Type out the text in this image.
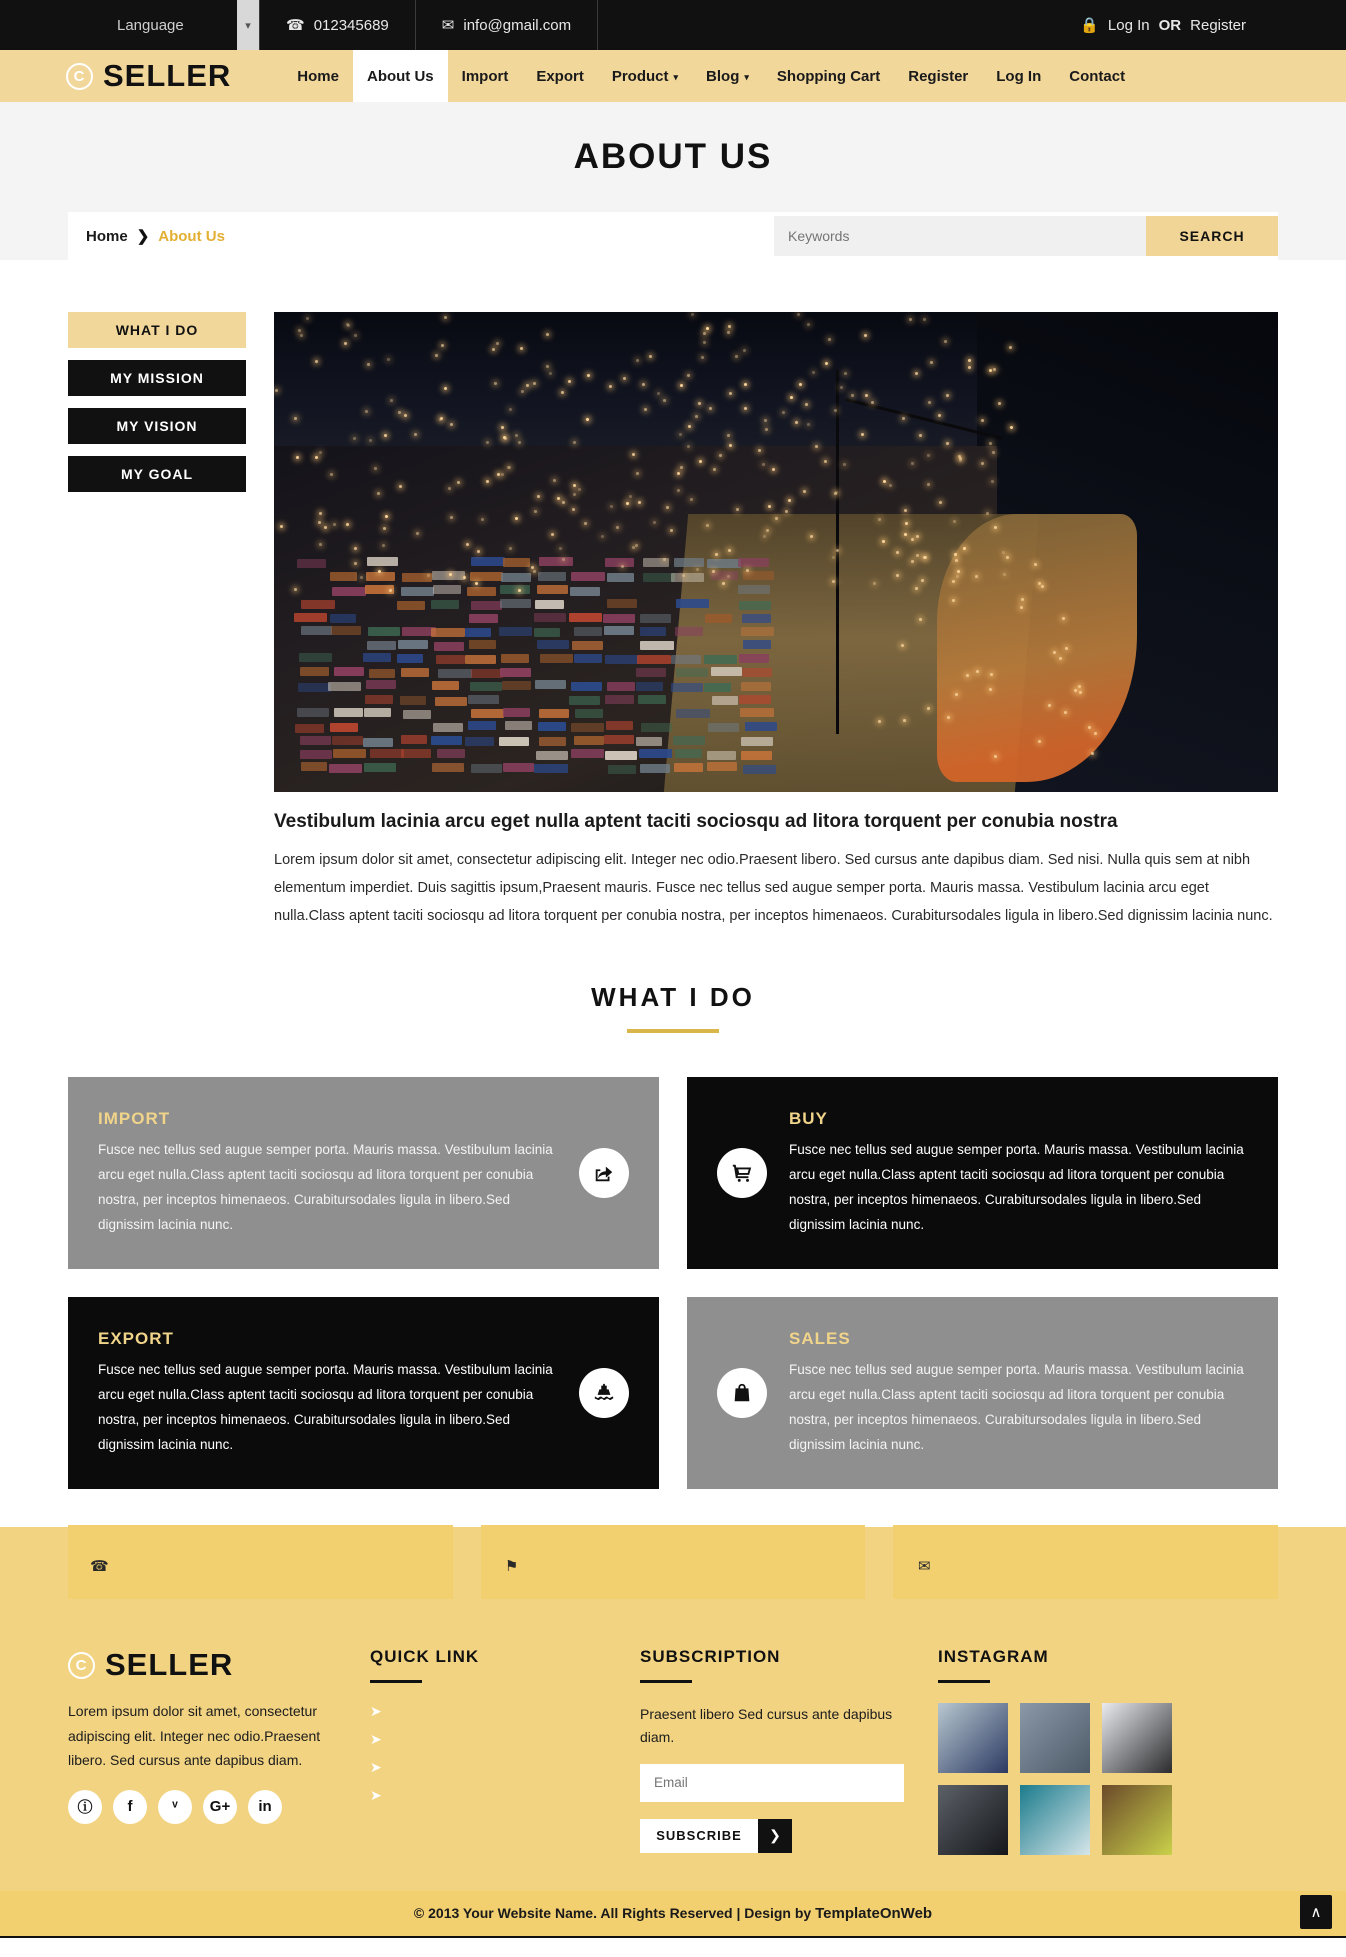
Language	▾	☎ 012345689	✉ info@gmail.com	🔒 Log In OR Register
C SELLER	Home About Us Import Export Product ▾ Blog ▾ Shopping Cart Register Log In Contact
ABOUT US
Home ❯ About Us
Keywords	SEARCH
WHAT I DO
MY MISSION
MY VISION
MY GOAL
Vestibulum lacinia arcu eget nulla aptent taciti sociosqu ad litora torquent per conubia nostra
Lorem ipsum dolor sit amet, consectetur adipiscing elit. Integer nec odio.Praesent libero. Sed cursus ante dapibus diam. Sed nisi. Nulla quis sem at nibh elementum imperdiet. Duis sagittis ipsum,Praesent mauris. Fusce nec tellus sed augue semper porta. Mauris massa. Vestibulum lacinia arcu eget nulla.Class aptent taciti sociosqu ad litora torquent per conubia nostra, per inceptos himenaeos. Curabitursodales ligula in libero.Sed dignissim lacinia nunc.
WHAT I DO
IMPORT

Fusce nec tellus sed augue semper porta. Mauris massa. Vestibulum lacinia arcu eget nulla.Class aptent taciti sociosqu ad litora torquent per conubia nostra, per inceptos himenaeos. Curabitursodales ligula in libero.Sed dignissim lacinia nunc.

BUY

Fusce nec tellus sed augue semper porta. Mauris massa. Vestibulum lacinia arcu eget nulla.Class aptent taciti sociosqu ad litora torquent per conubia nostra, per inceptos himenaeos. Curabitursodales ligula in libero.Sed dignissim lacinia nunc.

EXPORT

Fusce nec tellus sed augue semper porta. Mauris massa. Vestibulum lacinia arcu eget nulla.Class aptent taciti sociosqu ad litora torquent per conubia nostra, per inceptos himenaeos. Curabitursodales ligula in libero.Sed dignissim lacinia nunc.

SALES

Fusce nec tellus sed augue semper porta. Mauris massa. Vestibulum lacinia arcu eget nulla.Class aptent taciti sociosqu ad litora torquent per conubia nostra, per inceptos himenaeos. Curabitursodales ligula in libero.Sed dignissim lacinia nunc.

☎	⚑	✉
C SELLER
Lorem ipsum dolor sit amet, consectetur adipiscing elit. Integer nec odio.Praesent libero. Sed cursus ante dapibus diam.
ⓘ	f	ᵛ	G+	in
QUICK LINK
➤
➤
➤
➤
SUBSCRIPTION
Praesent libero Sed cursus ante dapibus diam.
Email
SUBSCRIBE	❯
INSTAGRAM
© 2013 Your Website Name. All Rights Reserved | Design by TemplateOnWeb	∧
